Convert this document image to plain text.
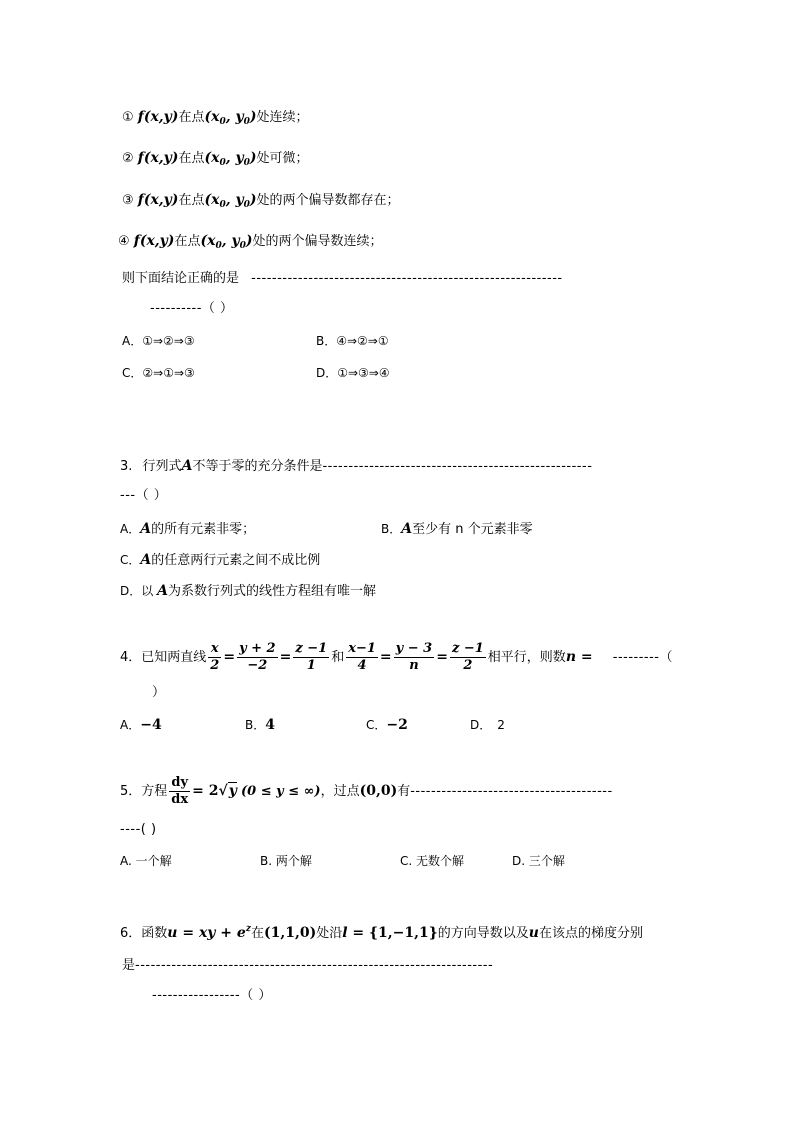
① f(x,y)在点($x_0$, $y_0$)处连续；
② f(x,y)在点($x_0$, $y_0$)处可微；
③ f(x,y)在点($x_0$, $y_0$)处的两个偏导数都存在；
④ f(x,y)在点($x_0$, $y_0$)处的两个偏导数连续；
则下面结论正确的是 ------------------------------------------------------------
----------（ ）
A．①⇒②⇒③	B．④⇒②⇒①
C．②⇒①⇒③	D．①⇒③⇒④
3. 行列式A不等于零的充分条件是----------------------------------------------------
---（ ）
A．A的所有元素非零；	B．A至少有 n 个元素非零
C．A的任意两行元素之间不成比例
D．以 A为系数行列式的线性方程组有唯一解
4．已知两直线 $\frac{x}{2} = \frac{y + 2}{-2} = \frac{z -1}{1}$ 和 $\frac{x-1}{4} = \frac{y - 3}{n} = \frac{z -1}{2}$ 相平行，则数n = ---------（
）
A．−4	B．4	C．−2	D． 2
5．方程 $\frac{dy}{dx} = 2√y$ (0 ≤ y ≤ ∞)，过点(0,0)有---------------------------------------
----( )
A. 一个解	B. 两个解	C. 无数个解	D. 三个解
6．函数u = xy + $e^z$在(1,1,0)处沿l = {1,−1,1}的方向导数以及u在该点的梯度分别
是---------------------------------------------------------------------
-----------------（ ）
